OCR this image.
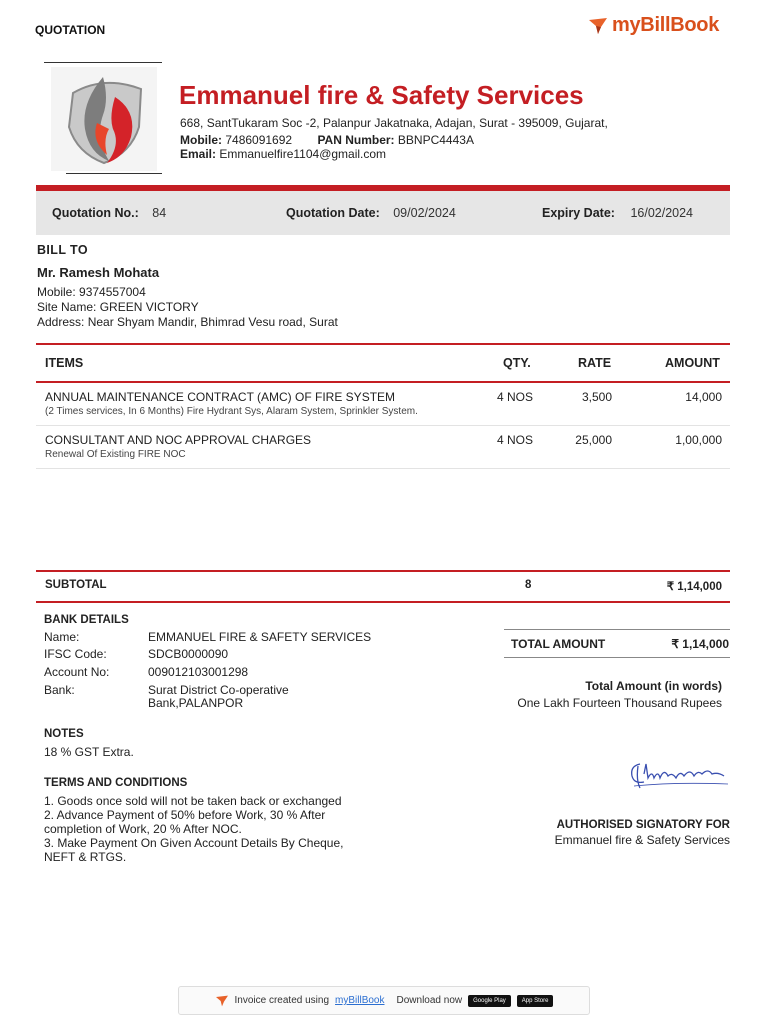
QUOTATION	myBillBook
Emmanuel fire & Safety Services
668, SantTukaram Soc -2, Palanpur Jakatnaka, Adajan, Surat - 395009, Gujarat,
Mobile: 7486091692 PAN Number: BBNPC4443A
Email: Emmanuelfire1104@gmail.com
Quotation No.: 84	Quotation Date: 09/02/2024	Expiry Date: 16/02/2024
BILL TO
Mr. Ramesh Mohata
Mobile: 9374557004
Site Name: GREEN VICTORY
Address: Near Shyam Mandir, Bhimrad Vesu road, Surat
ITEMS	QTY.	RATE	AMOUNT
ANNUAL MAINTENANCE CONTRACT (AMC) OF FIRE SYSTEM
(2 Times services, In 6 Months) Fire Hydrant Sys, Alaram System, Sprinkler System.
4 NOS	3,500	14,000
CONSULTANT AND NOC APPROVAL CHARGES
Renewal Of Existing FIRE NOC
4 NOS	25,000	1,00,000
SUBTOTAL	8	₹ 1,14,000
BANK DETAILS
Name:	EMMANUEL FIRE & SAFETY SERVICES
IFSC Code:	SDCB0000090
Account No:	009012103001298
Bank:	Surat District Co-operative
Bank,PALANPOR
TOTAL AMOUNT	₹ 1,14,000
Total Amount (in words)
One Lakh Fourteen Thousand Rupees
NOTES
18 % GST Extra.
TERMS AND CONDITIONS
1. Goods once sold will not be taken back or exchanged
2. Advance Payment of 50% before Work, 30 % After
completion of Work, 20 % After NOC.
3. Make Payment On Given Account Details By Cheque,
NEFT & RTGS.
AUTHORISED SIGNATORY FOR
Emmanuel fire & Safety Services
Invoice created using myBillBook Download now	Google Play	App Store
